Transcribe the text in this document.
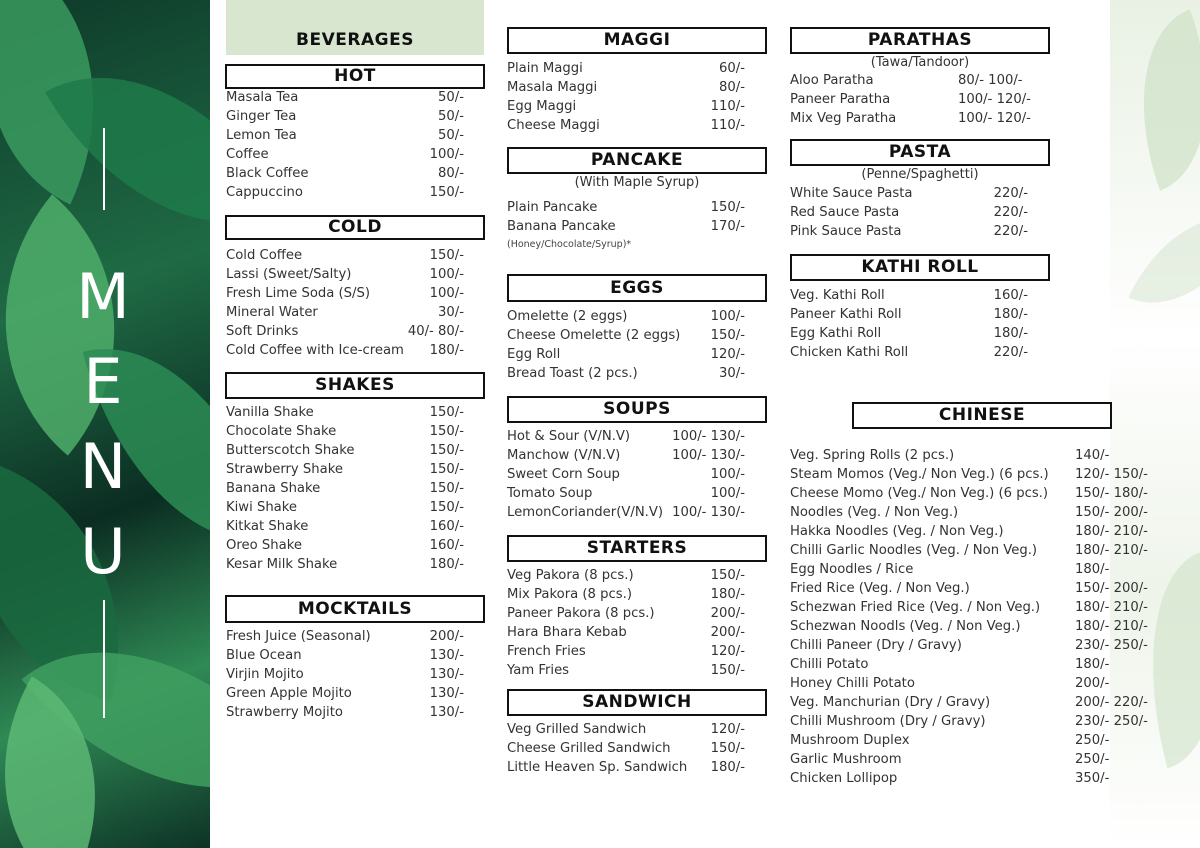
M
E
N
U
BEVERAGES
HOT
Masala Tea	50/-
Ginger Tea	50/-
Lemon Tea	50/-
Coffee	100/-
Black Coffee	80/-
Cappuccino	150/-
COLD
Cold Coffee	150/-
Lassi (Sweet/Salty)	100/-
Fresh Lime Soda (S/S)	100/-
Mineral Water	30/-
Soft Drinks	40/- 80/-
Cold Coffee with Ice-cream	180/-
SHAKES
Vanilla Shake	150/-
Chocolate Shake	150/-
Butterscotch Shake	150/-
Strawberry Shake	150/-
Banana Shake	150/-
Kiwi Shake	150/-
Kitkat Shake	160/-
Oreo Shake	160/-
Kesar Milk Shake	180/-
MOCKTAILS
Fresh Juice (Seasonal)	200/-
Blue Ocean	130/-
Virjin Mojito	130/-
Green Apple Mojito	130/-
Strawberry Mojito	130/-
MAGGI
Plain Maggi	60/-
Masala Maggi	80/-
Egg Maggi	110/-
Cheese Maggi	110/-
PANCAKE
(With Maple Syrup)
Plain Pancake	150/-
Banana Pancake	170/-
(Honey/Chocolate/Syrup)*
EGGS
Omelette (2 eggs)	100/-
Cheese Omelette (2 eggs)	150/-
Egg Roll	120/-
Bread Toast (2 pcs.)	30/-
SOUPS
Hot & Sour (V/N.V)	100/- 130/-
Manchow (V/N.V)	100/- 130/-
Sweet Corn Soup	100/-
Tomato Soup	100/-
LemonCoriander(V/N.V) 100/- 130/-
STARTERS
Veg Pakora (8 pcs.)	150/-
Mix Pakora (8 pcs.)	180/-
Paneer Pakora (8 pcs.)	200/-
Hara Bhara Kebab	200/-
French Fries	120/-
Yam Fries	150/-
SANDWICH
Veg Grilled Sandwich	120/-
Cheese Grilled Sandwich	150/-
Little Heaven Sp. Sandwich	180/-
PARATHAS
(Tawa/Tandoor)
Aloo Paratha	80/- 100/-
Paneer Paratha	100/- 120/-
Mix Veg Paratha	100/- 120/-
PASTA
(Penne/Spaghetti)
White Sauce Pasta	220/-
Red Sauce Pasta	220/-
Pink Sauce Pasta	220/-
KATHI ROLL
Veg. Kathi Roll	160/-
Paneer Kathi Roll	180/-
Egg Kathi Roll	180/-
Chicken Kathi Roll	220/-
CHINESE
Veg. Spring Rolls (2 pcs.)	140/-
Steam Momos (Veg./ Non Veg.) (6 pcs.) 120/- 150/-
Cheese Momo (Veg./ Non Veg.) (6 pcs.) 150/- 180/-
Noodles (Veg. / Non Veg.)	150/- 200/-
Hakka Noodles (Veg. / Non Veg.)	180/- 210/-
Chilli Garlic Noodles (Veg. / Non Veg.)	180/- 210/-
Egg Noodles / Rice	180/-
Fried Rice (Veg. / Non Veg.)	150/- 200/-
Schezwan Fried Rice (Veg. / Non Veg.)	180/- 210/-
Schezwan Noodls (Veg. / Non Veg.)	180/- 210/-
Chilli Paneer (Dry / Gravy)	230/- 250/-
Chilli Potato	180/-
Honey Chilli Potato	200/-
Veg. Manchurian (Dry / Gravy)	200/- 220/-
Chilli Mushroom (Dry / Gravy)	230/- 250/-
Mushroom Duplex	250/-
Garlic Mushroom	250/-
Chicken Lollipop	350/-
